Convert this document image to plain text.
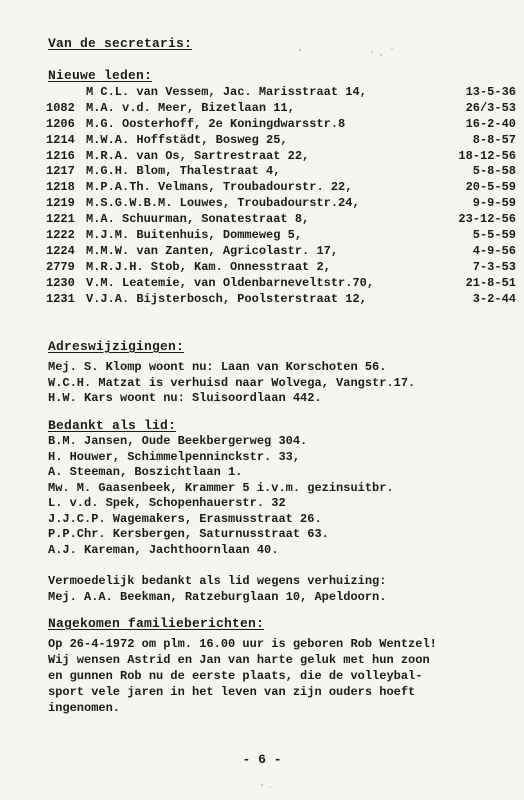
Van de secretaris:
Nieuwe leden:
M C.L. van Vessem, Jac. Marisstraat 14,	13-5-36
1082 M.A. v.d. Meer, Bizetlaan 11,	26/3-53
1206 M.G. Oosterhoff, 2e Koningdwarsstr.8	16-2-40
1214 M.W.A. Hoffstädt, Bosweg 25,	8-8-57
1216 M.R.A. van Os, Sartrestraat 22,	18-12-56
1217 M.G.H. Blom, Thalestraat 4,	5-8-58
1218 M.P.A.Th. Velmans, Troubadourstr. 22,	20-5-59
1219 M.S.G.W.B.M. Louwes, Troubadourstr.24,	9-9-59
1221 M.A. Schuurman, Sonatestraat 8,	23-12-56
1222 M.J.M. Buitenhuis, Dommeweg 5,	5-5-59
1224 M.M.W. van Zanten, Agricolastr. 17,	4-9-56
2779 M.R.J.H. Stob, Kam. Onnesstraat 2,	7-3-53
1230 V.M. Leatemie, van Oldenbarneveltstr.70,	21-8-51
1231 V.J.A. Bijsterbosch, Poolsterstraat 12,	3-2-44
Adreswijzigingen:
Mej. S. Klomp woont nu: Laan van Korschoten 56.
W.C.H. Matzat is verhuisd naar Wolvega, Vangstr.17.
H.W. Kars woont nu: Sluisoordlaan 442.
Bedankt als lid:
B.M. Jansen, Oude Beekbergerweg 304.
H. Houwer, Schimmelpenninckstr. 33,
A. Steeman, Boszichtlaan 1.
Mw. M. Gaasenbeek, Krammer 5 i.v.m. gezinsuitbr.
L. v.d. Spek, Schopenhauerstr. 32
J.J.C.P. Wagemakers, Erasmusstraat 26.
P.P.Chr. Kersbergen, Saturnusstraat 63.
A.J. Kareman, Jachthoornlaan 40.
Vermoedelijk bedankt als lid wegens verhuizing:
Mej. A.A. Beekman, Ratzeburglaan 10, Apeldoorn.
Nagekomen familieberichten:
Op 26-4-1972 om plm. 16.00 uur is geboren Rob Wentzel!
Wij wensen Astrid en Jan van harte geluk met hun zoon
en gunnen Rob nu de eerste plaats, die de volleybal-
sport vele jaren in het leven van zijn ouders hoeft
ingenomen.
- 6 -
